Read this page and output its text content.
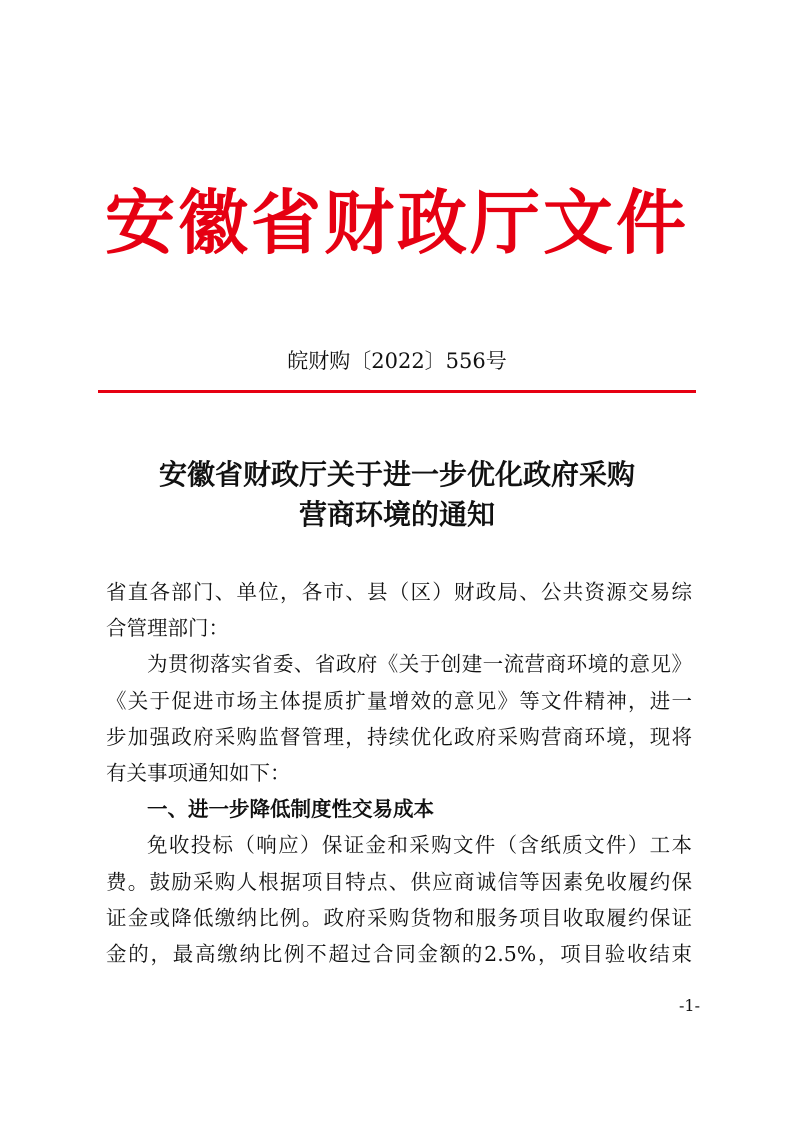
安徽省财政厅文件
皖财购〔2022〕556号
安徽省财政厅关于进一步优化政府采购
营商环境的通知

省直各部门、单位，各市、县（区）财政局、公共资源交易综

合管理部门：

为贯彻落实省委、省政府《关于创建一流营商环境的意见》

《关于促进市场主体提质扩量增效的意见》等文件精神，进一

步加强政府采购监督管理，持续优化政府采购营商环境，现将

有关事项通知如下：

一、进一步降低制度性交易成本

免收投标（响应）保证金和采购文件（含纸质文件）工本

费。鼓励采购人根据项目特点、供应商诚信等因素免收履约保

证金或降低缴纳比例。政府采购货物和服务项目收取履约保证

金的，最高缴纳比例不超过合同金额的2.5%，项目验收结束

-1-
